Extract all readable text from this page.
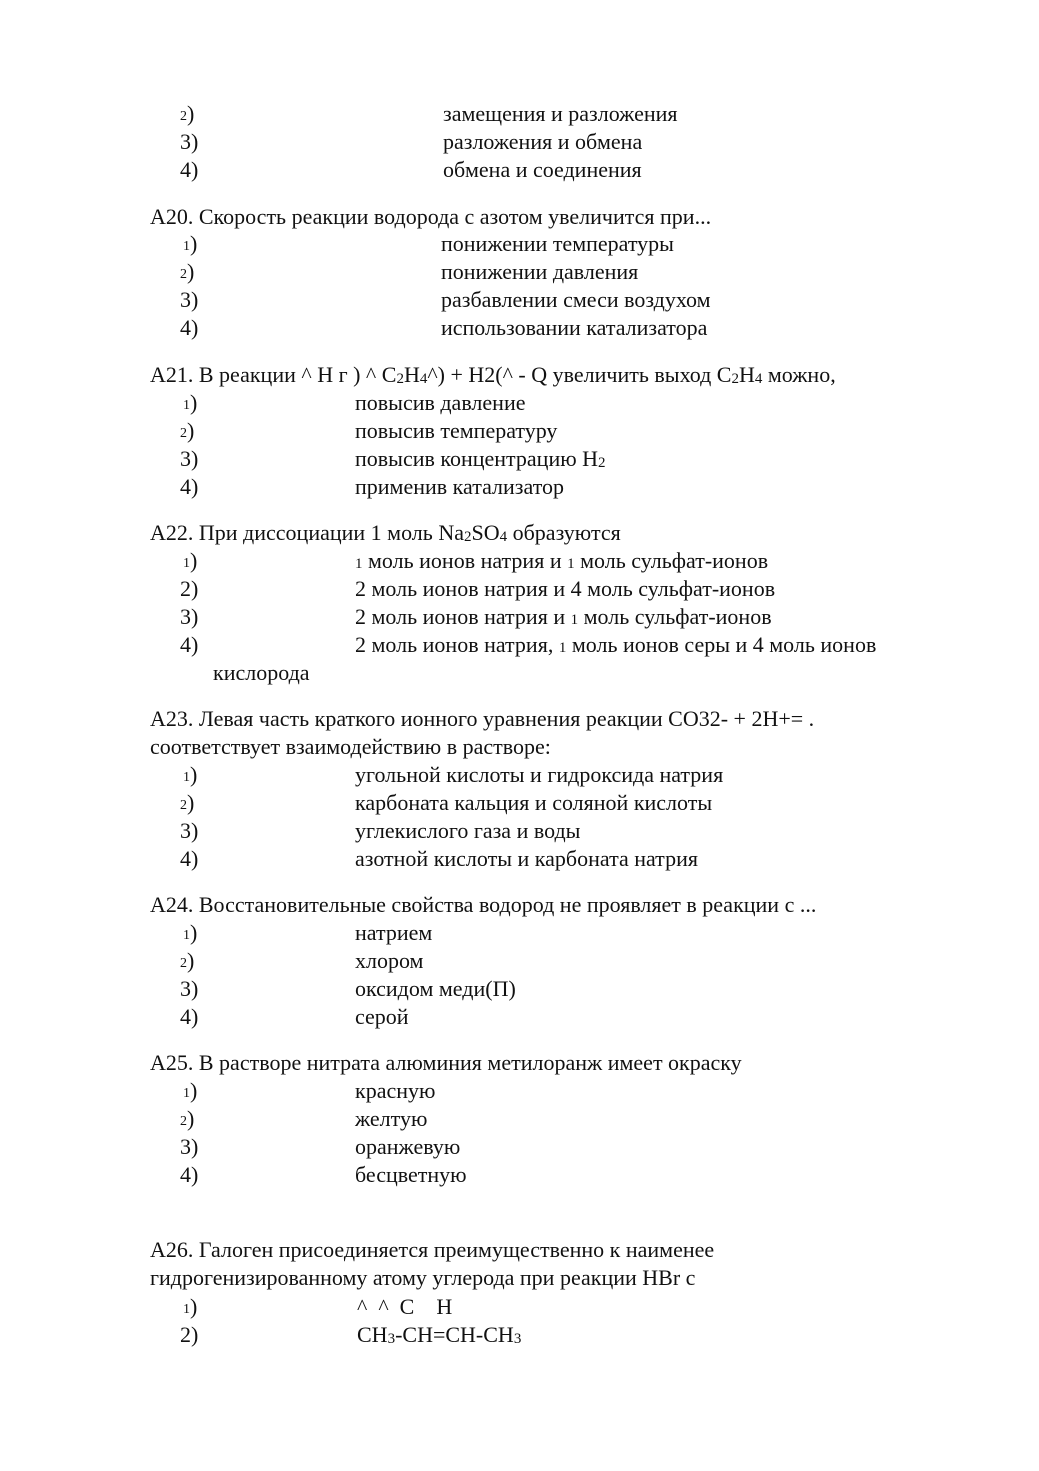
2)	замещения и разложения
3)	разложения и обмена
4)	обмена и соединения
А20. Скорость реакции водорода с азотом увеличится при...
1)	понижении температуры
2)	понижении давления
3)	разбавлении смеси воздухом
4)	использовании катализатора
А21. В реакции ^ Н г ) ^ C2H4^) + H2(^ - Q увеличить выход C2H4 можно,
1)	повысив давление
2)	повысив температуру
3)	повысив концентрацию H2
4)	применив катализатор
А22. При диссоциации 1 моль Na2SO4 образуются
1)	1 моль ионов натрия и 1 моль сульфат-ионов
2)	2 моль ионов натрия и 4 моль сульфат-ионов
3)	2 моль ионов натрия и 1 моль сульфат-ионов
4)	2 моль ионов натрия, 1 моль ионов серы и 4 моль ионов
кислорода
А23. Левая часть краткого ионного уравнения реакции CO32- + 2H+= .
соответствует взаимодействию в растворе:
1)	угольной кислоты и гидроксида натрия
2)	карбоната кальция и соляной кислоты
3)	углекислого газа и воды
4)	азотной кислоты и карбоната натрия
А24. Восстановительные свойства водород не проявляет в реакции с ...
1)	натрием
2)	хлором
3)	оксидом меди(П)
4)	серой
А25. В растворе нитрата алюминия метилоранж имеет окраску
1)	красную
2)	желтую
3)	оранжевую
4)	бесцветную
А26. Галоген присоединяется преимущественно к наименее
гидрогенизированному атому углерода при реакции HBr с
1)	^  ^  C    H
2)	CH3-CH=CH-CH3
